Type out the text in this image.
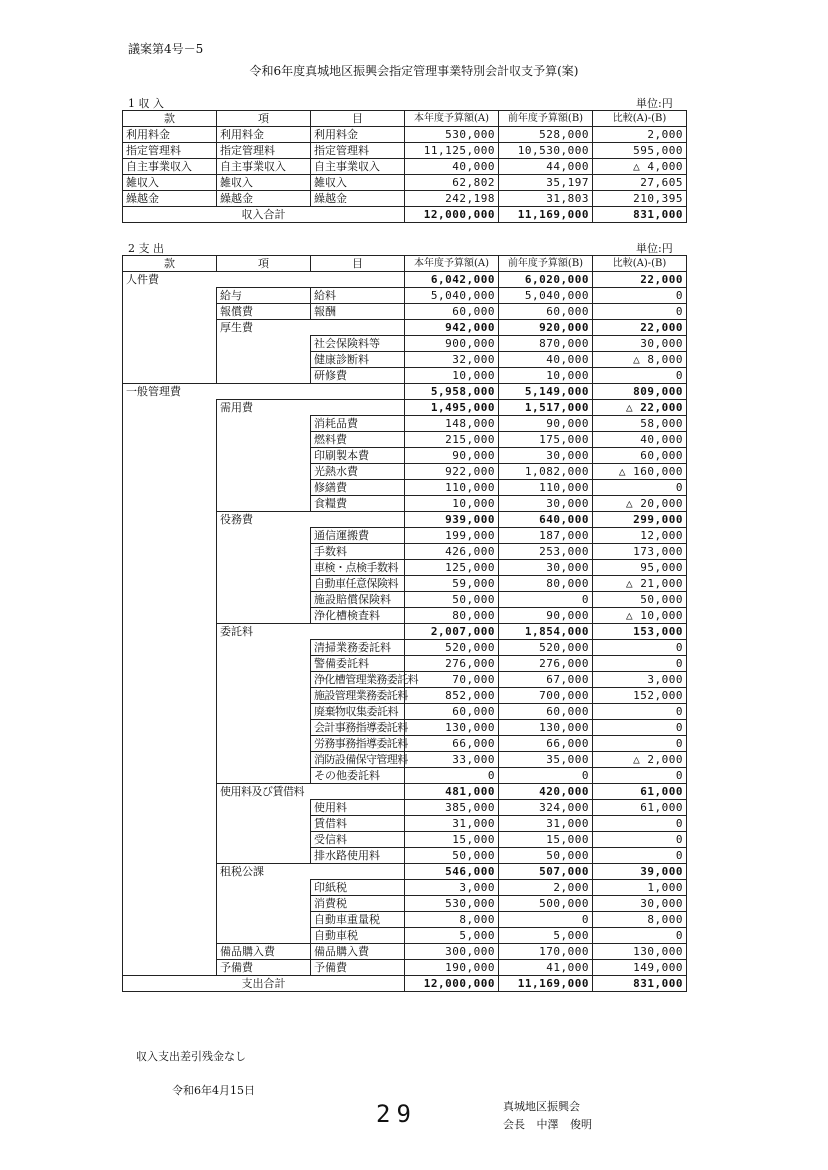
議案第4号－5
令和6年度真城地区振興会指定管理事業特別会計収支予算(案)
1 収 入	単位:円
款	項	目	本年度予算額(A)	前年度予算額(B)	比較(A)-(B)
利用料金	利用料金	利用料金	530,000	528,000	2,000
指定管理料	指定管理料	指定管理料	11,125,000	10,530,000	595,000
自主事業収入	自主事業収入	自主事業収入	40,000	44,000	△ 4,000
雑収入	雑収入	雑収入	62,802	35,197	27,605
繰越金	繰越金	繰越金	242,198	31,803	210,395
収入合計			12,000,000	11,169,000	831,000
2 支 出	単位:円
款	項	目	本年度予算額(A)	前年度予算額(B)	比較(A)-(B)
人件費			6,042,000	6,020,000	22,000
	給与	給料	5,040,000	5,040,000	0
	報償費	報酬	60,000	60,000	0
	厚生費		942,000	920,000	22,000
		社会保険料等	900,000	870,000	30,000
		健康診断料	32,000	40,000	△ 8,000
		研修費	10,000	10,000	0
一般管理費			5,958,000	5,149,000	809,000
	需用費		1,495,000	1,517,000	△ 22,000
		消耗品費	148,000	90,000	58,000
		燃料費	215,000	175,000	40,000
		印刷製本費	90,000	30,000	60,000
		光熱水費	922,000	1,082,000	△ 160,000
		修繕費	110,000	110,000	0
		食糧費	10,000	30,000	△ 20,000
	役務費		939,000	640,000	299,000
		通信運搬費	199,000	187,000	12,000
		手数料	426,000	253,000	173,000
		車検・点検手数料	125,000	30,000	95,000
		自動車任意保険料	59,000	80,000	△ 21,000
		施設賠償保険料	50,000	0	50,000
		浄化槽検査料	80,000	90,000	△ 10,000
	委託料		2,007,000	1,854,000	153,000
		清掃業務委託料	520,000	520,000	0
		警備委託料	276,000	276,000	0
		浄化槽管理業務委託料	70,000	67,000	3,000
		施設管理業務委託料	852,000	700,000	152,000
		廃棄物収集委託料	60,000	60,000	0
		会計事務指導委託料	130,000	130,000	0
		労務事務指導委託料	66,000	66,000	0
		消防設備保守管理料	33,000	35,000	△ 2,000
		その他委託料	0	0	0
	使用料及び賃借料		481,000	420,000	61,000
		使用料	385,000	324,000	61,000
		賃借料	31,000	31,000	0
		受信料	15,000	15,000	0
		排水路使用料	50,000	50,000	0
	租税公課		546,000	507,000	39,000
		印紙税	3,000	2,000	1,000
		消費税	530,000	500,000	30,000
		自動車重量税	8,000	0	8,000
		自動車税	5,000	5,000	0
	備品購入費	備品購入費	300,000	170,000	130,000
	予備費	予備費	190,000	41,000	149,000
支出合計			12,000,000	11,169,000	831,000
収入支出差引残金なし
令和6年4月15日
29	真城地区振興会
会長 中澤 俊明
